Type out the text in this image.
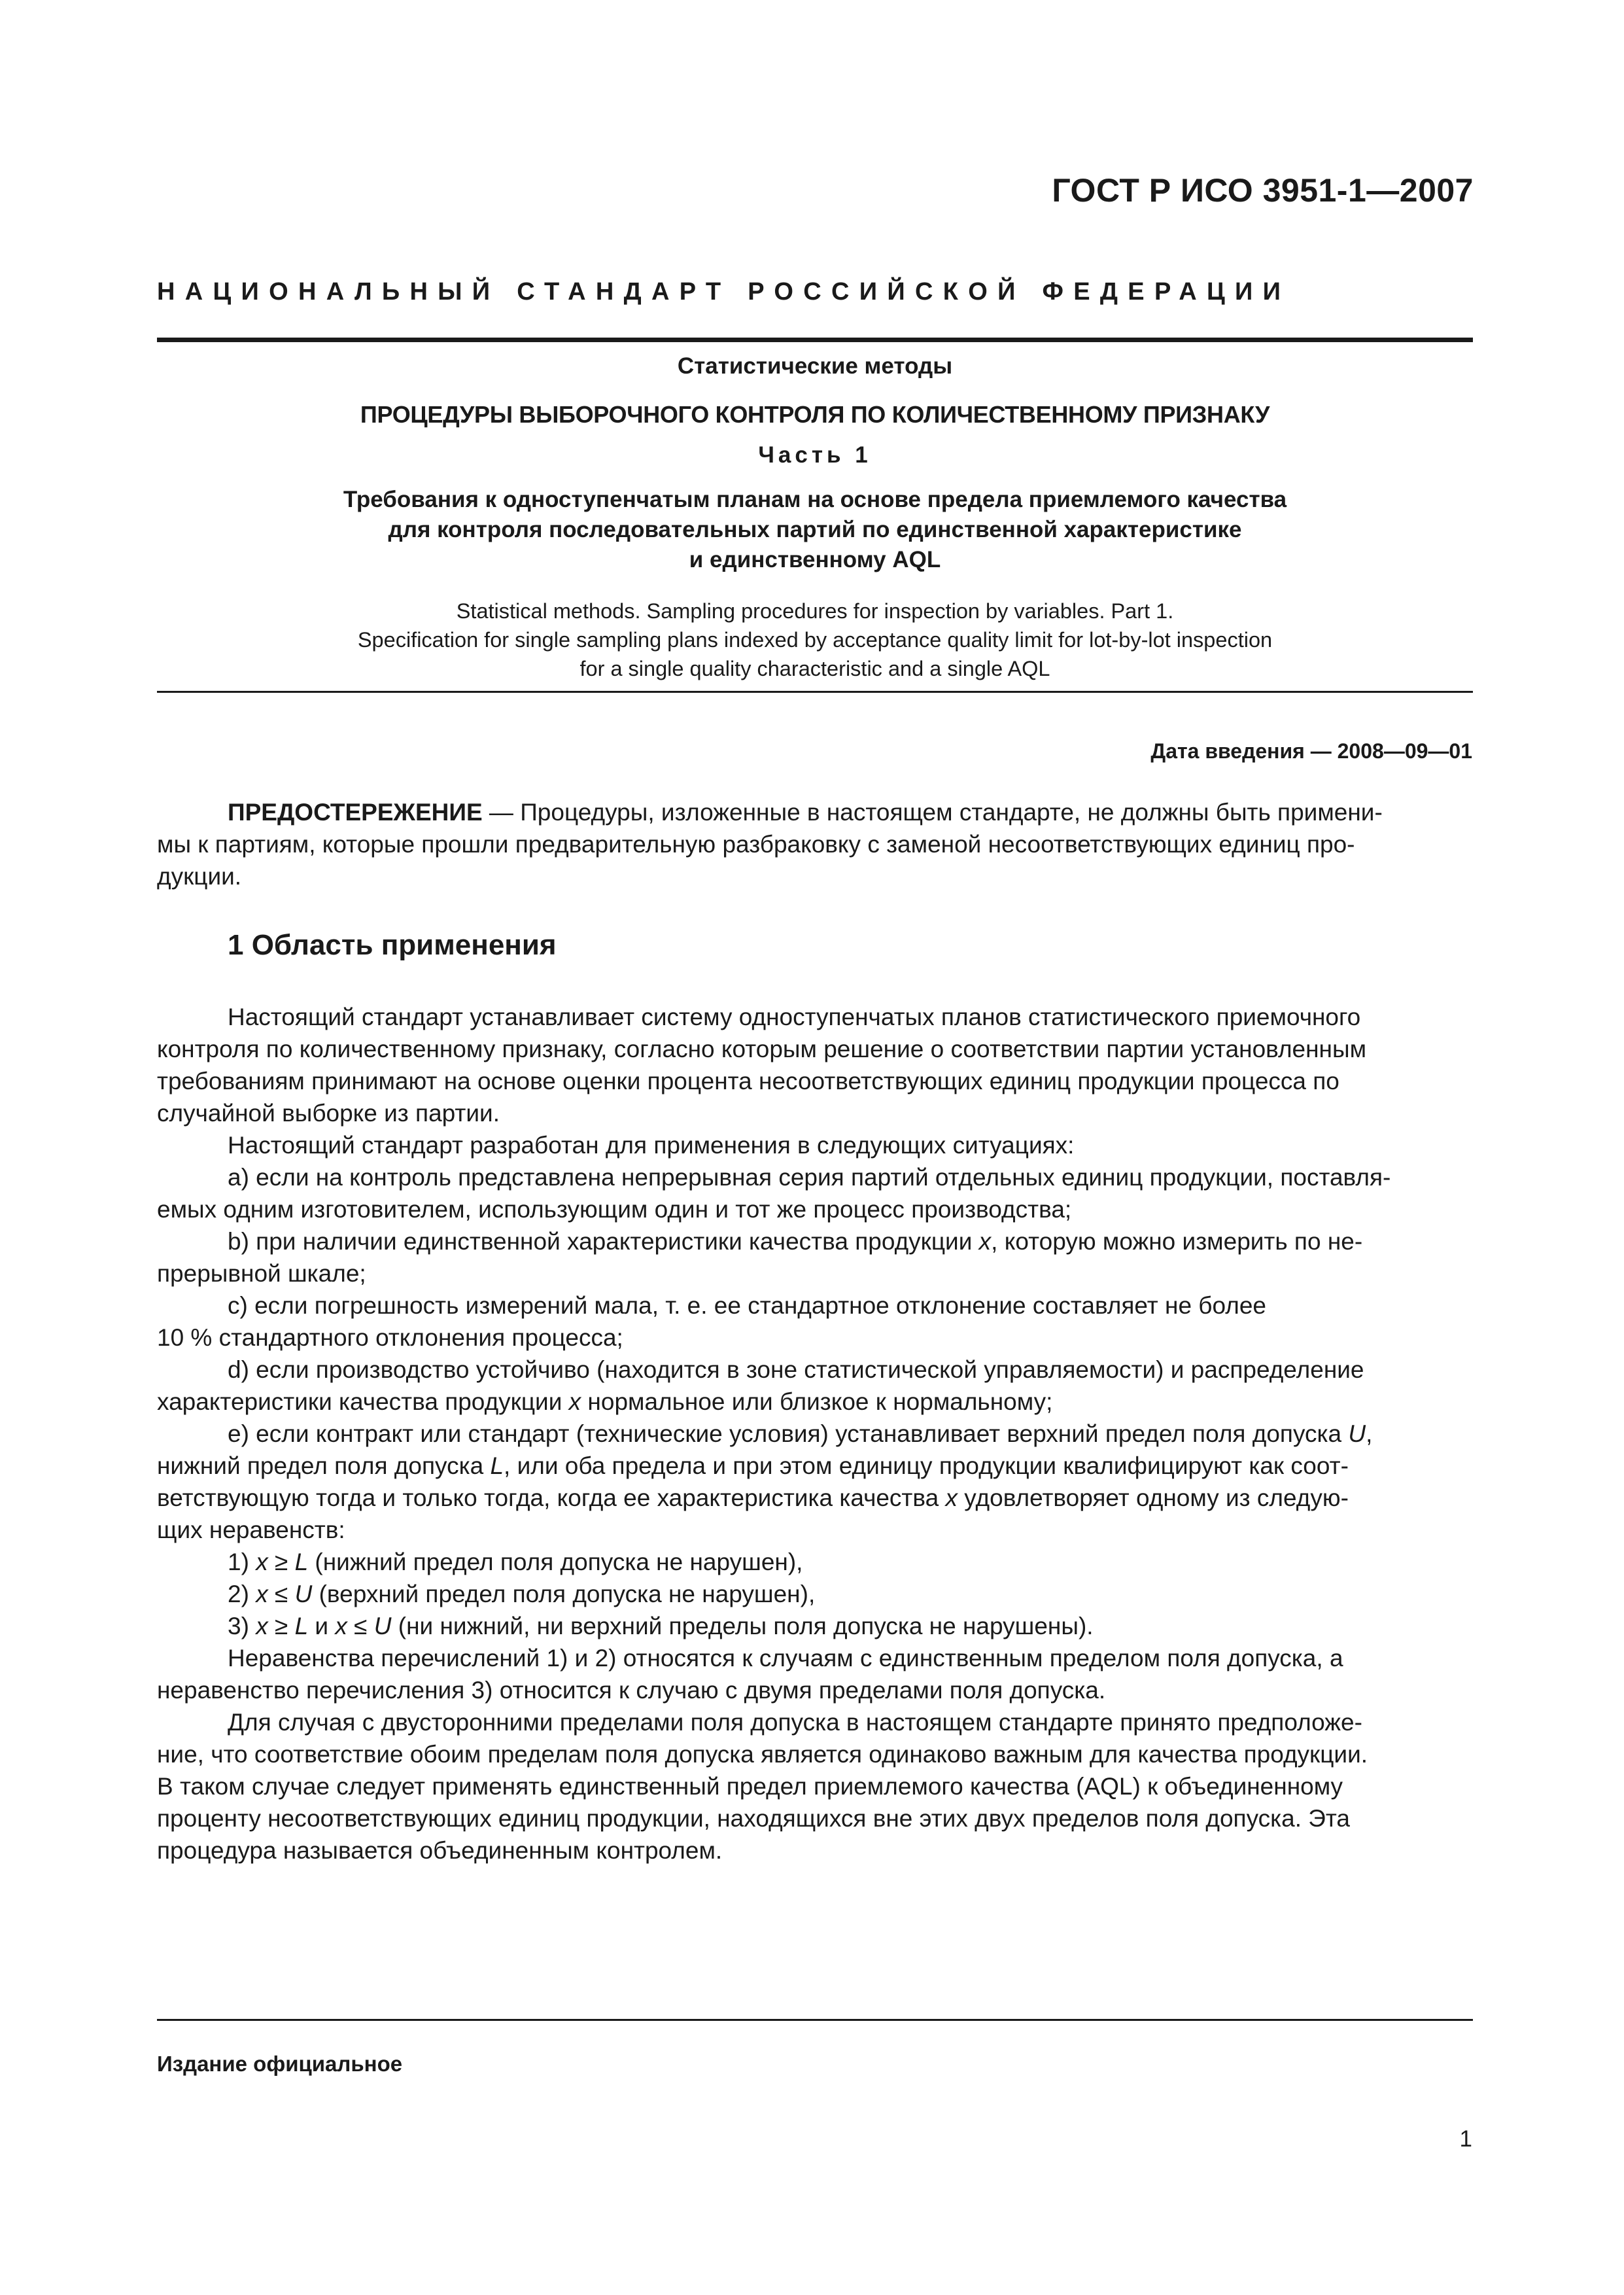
ГОСТ Р ИСО 3951-1—2007
НАЦИОНАЛЬНЫЙ СТАНДАРТ РОССИЙСКОЙ ФЕДЕРАЦИИ
Статистические методы
ПРОЦЕДУРЫ ВЫБОРОЧНОГО КОНТРОЛЯ ПО КОЛИЧЕСТВЕННОМУ ПРИЗНАКУ
Часть 1
Требования к одноступенчатым планам на основе предела приемлемого качества
для контроля последовательных партий по единственной характеристике
и единственному AQL
Statistical methods. Sampling procedures for inspection by variables. Part 1.
Specification for single sampling plans indexed by acceptance quality limit for lot-by-lot inspection
for a single quality characteristic and a single AQL
Дата введения — 2008—09—01
ПРЕДОСТЕРЕЖЕНИЕ — Процедуры, изложенные в настоящем стандарте, не должны быть примени-
мы к партиям, которые прошли предварительную разбраковку с заменой несоответствующих единиц про-
дукции.
1 Область применения
Настоящий стандарт устанавливает систему одноступенчатых планов статистического приемочного
контроля по количественному признаку, согласно которым решение о соответствии партии установленным
требованиям принимают на основе оценки процента несоответствующих единиц продукции процесса по
случайной выборке из партии.
Настоящий стандарт разработан для применения в следующих ситуациях:
а) если на контроль представлена непрерывная серия партий отдельных единиц продукции, поставля-
емых одним изготовителем, использующим один и тот же процесс производства;
b) при наличии единственной характеристики качества продукции x, которую можно измерить по не-
прерывной шкале;
с) если погрешность измерений мала, т. е. ее стандартное отклонение составляет не более
10 % стандартного отклонения процесса;
d) если производство устойчиво (находится в зоне статистической управляемости) и распределение
характеристики качества продукции x нормальное или близкое к нормальному;
е) если контракт или стандарт (технические условия) устанавливает верхний предел поля допуска U,
нижний предел поля допуска L, или оба предела и при этом единицу продукции квалифицируют как соот-
ветствующую тогда и только тогда, когда ее характеристика качества x удовлетворяет одному из следую-
щих неравенств:
1) x ≥ L (нижний предел поля допуска не нарушен),
2) x ≤ U (верхний предел поля допуска не нарушен),
3) x ≥ L и x ≤ U (ни нижний, ни верхний пределы поля допуска не нарушены).
Неравенства перечислений 1) и 2) относятся к случаям с единственным пределом поля допуска, а
неравенство перечисления 3) относится к случаю с двумя пределами поля допуска.
Для случая с двусторонними пределами поля допуска в настоящем стандарте принято предположе-
ние, что соответствие обоим пределам поля допуска является одинаково важным для качества продукции.
В таком случае следует применять единственный предел приемлемого качества (AQL) к объединенному
проценту несоответствующих единиц продукции, находящихся вне этих двух пределов поля допуска. Эта
процедура называется объединенным контролем.
Издание официальное
1
